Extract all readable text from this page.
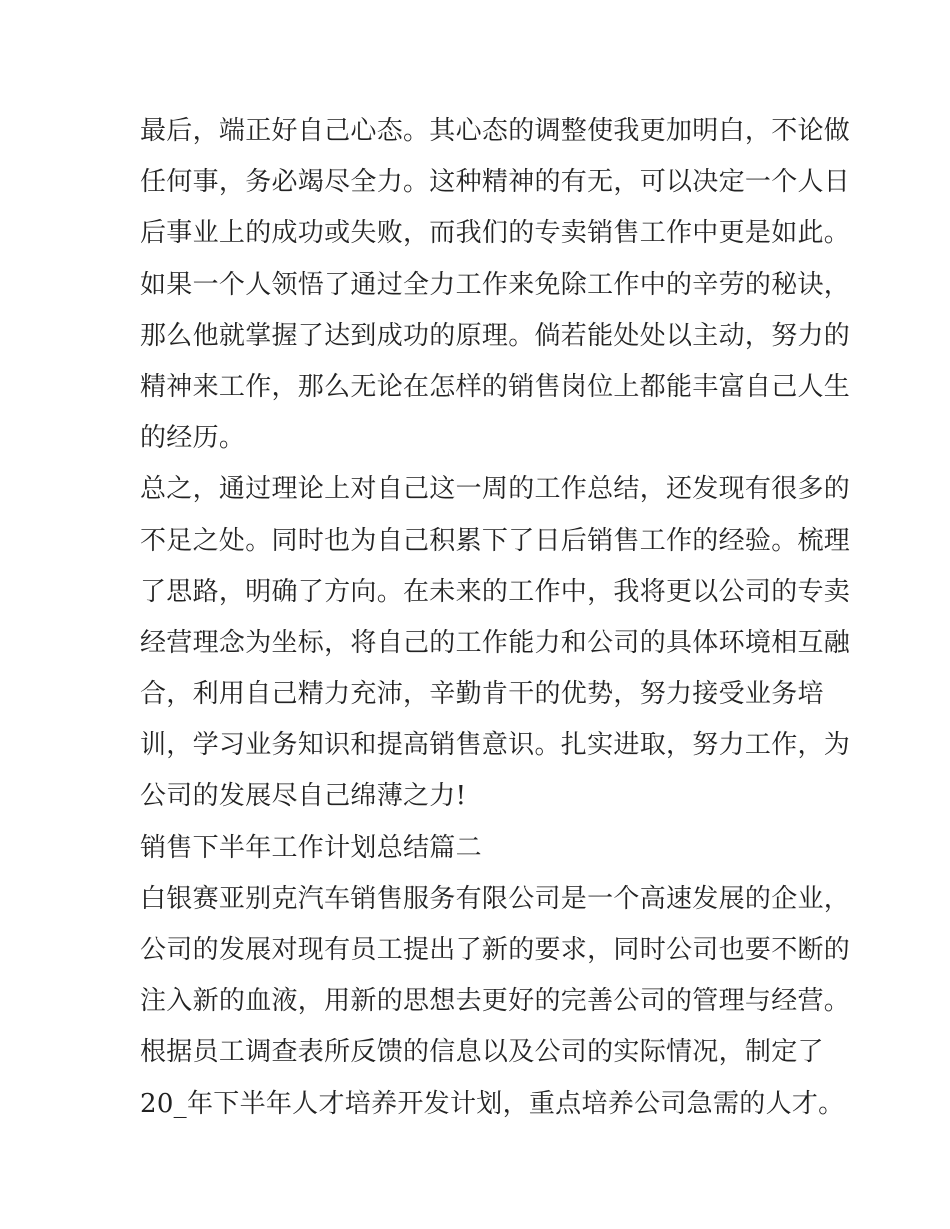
最后，端正好自己心态。其心态的调整使我更加明白，不论做
任何事，务必竭尽全力。这种精神的有无，可以决定一个人日
后事业上的成功或失败，而我们的专卖销售工作中更是如此。
如果一个人领悟了通过全力工作来免除工作中的辛劳的秘诀，
那么他就掌握了达到成功的原理。倘若能处处以主动，努力的
精神来工作，那么无论在怎样的销售岗位上都能丰富自己人生
的经历。
总之，通过理论上对自己这一周的工作总结，还发现有很多的
不足之处。同时也为自己积累下了日后销售工作的经验。梳理
了思路，明确了方向。在未来的工作中，我将更以公司的专卖
经营理念为坐标，将自己的工作能力和公司的具体环境相互融
合，利用自己精力充沛，辛勤肯干的优势，努力接受业务培
训，学习业务知识和提高销售意识。扎实进取，努力工作，为
公司的发展尽自己绵薄之力!
销售下半年工作计划总结篇二
白银赛亚别克汽车销售服务有限公司是一个高速发展的企业，
公司的发展对现有员工提出了新的要求，同时公司也要不断的
注入新的血液，用新的思想去更好的完善公司的管理与经营。
根据员工调查表所反馈的信息以及公司的实际情况，制定了
20_年下半年人才培养开发计划，重点培养公司急需的人才。
